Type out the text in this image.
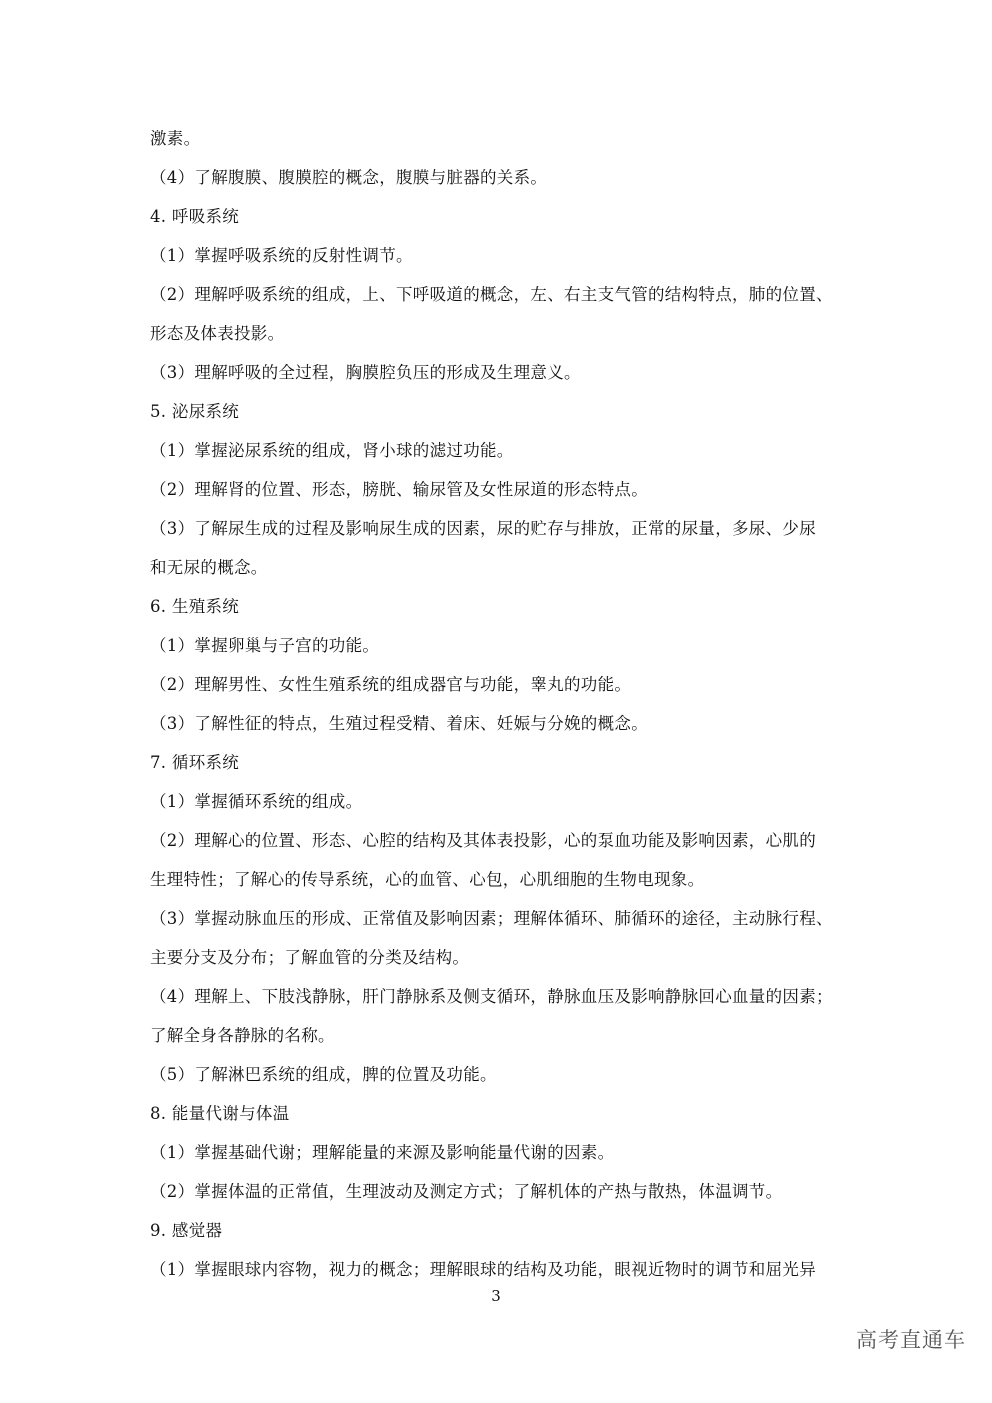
激素。
（4）了解腹膜、腹膜腔的概念，腹膜与脏器的关系。
4. 呼吸系统
（1）掌握呼吸系统的反射性调节。
（2）理解呼吸系统的组成，上、下呼吸道的概念，左、右主支气管的结构特点，肺的位置、
形态及体表投影。
（3）理解呼吸的全过程，胸膜腔负压的形成及生理意义。
5. 泌尿系统
（1）掌握泌尿系统的组成，肾小球的滤过功能。
（2）理解肾的位置、形态，膀胱、输尿管及女性尿道的形态特点。
（3）了解尿生成的过程及影响尿生成的因素，尿的贮存与排放，正常的尿量，多尿、少尿
和无尿的概念。
6. 生殖系统
（1）掌握卵巢与子宫的功能。
（2）理解男性、女性生殖系统的组成器官与功能，睾丸的功能。
（3）了解性征的特点，生殖过程受精、着床、妊娠与分娩的概念。
7. 循环系统
（1）掌握循环系统的组成。
（2）理解心的位置、形态、心腔的结构及其体表投影，心的泵血功能及影响因素，心肌的
生理特性；了解心的传导系统，心的血管、心包，心肌细胞的生物电现象。
（3）掌握动脉血压的形成、正常值及影响因素；理解体循环、肺循环的途径，主动脉行程、
主要分支及分布；了解血管的分类及结构。
（4）理解上、下肢浅静脉，肝门静脉系及侧支循环，静脉血压及影响静脉回心血量的因素；
了解全身各静脉的名称。
（5）了解淋巴系统的组成，脾的位置及功能。
8. 能量代谢与体温
（1）掌握基础代谢；理解能量的来源及影响能量代谢的因素。
（2）掌握体温的正常值，生理波动及测定方式；了解机体的产热与散热，体温调节。
9. 感觉器
（1）掌握眼球内容物，视力的概念；理解眼球的结构及功能，眼视近物时的调节和屈光异
3
高考直通车
